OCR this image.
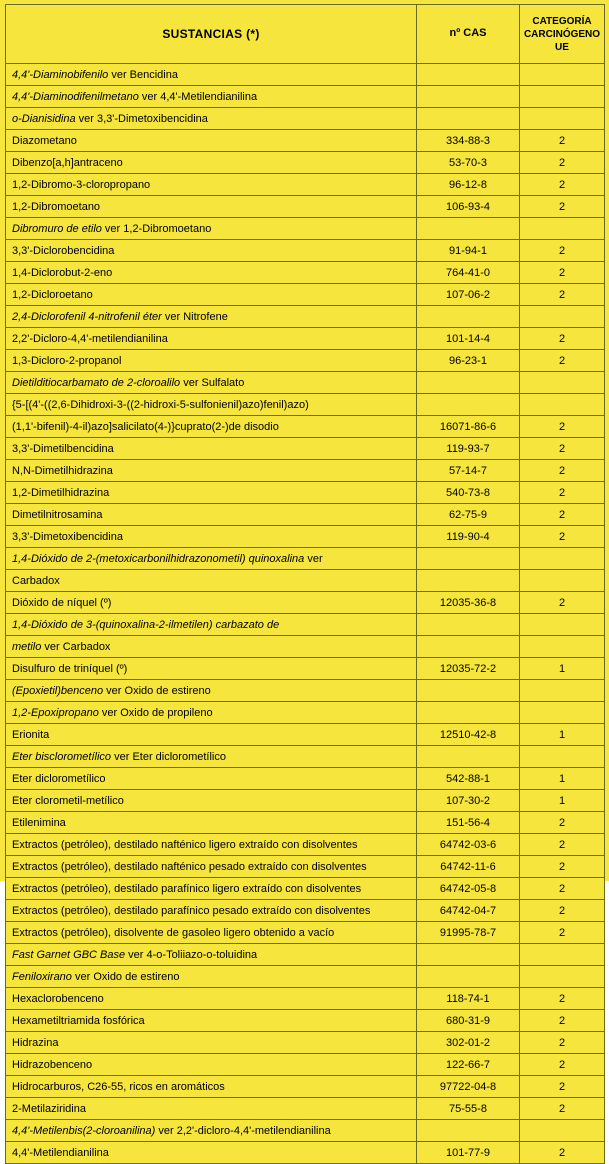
SUSTANCIAS (*)	nº CAS	CATEGORÍA CARCINÓGENO UE
4,4'-Diaminobifenilo ver Bencidina		
4,4'-Diaminodifenilmetano ver 4,4'-Metilendianilina		
o-Dianisidina ver 3,3'-Dimetoxibencidina		
Diazometano	334-88-3	2
Dibenzo[a,h]antraceno	53-70-3	2
1,2-Dibromo-3-cloropropano	96-12-8	2
1,2-Dibromoetano	106-93-4	2
Dibromuro de etilo ver 1,2-Dibromoetano		
3,3'-Diclorobencidina	91-94-1	2
1,4-Diclorobut-2-eno	764-41-0	2
1,2-Dicloroetano	107-06-2	2
2,4-Diclorofenil 4-nitrofenil éter ver Nitrofene		
2,2'-Dicloro-4,4'-metilendianilina	101-14-4	2
1,3-Dicloro-2-propanol	96-23-1	2
Dietilditiocarbamato de 2-cloroalilo ver Sulfalato		
{5-[(4'-((2,6-Dihidroxi-3-((2-hidroxi-5-sulfonienil)azo)fenil)azo)		
(1,1'-bifenil)-4-il)azo]salicilato(4-)}cuprato(2-)de disodio	16071-86-6	2
3,3'-Dimetilbencidina	119-93-7	2
N,N-Dimetilhidrazina	57-14-7	2
1,2-Dimetilhidrazina	540-73-8	2
Dimetilnitrosamina	62-75-9	2
3,3'-Dimetoxibencidina	119-90-4	2
1,4-Dióxido de 2-(metoxicarbonilhidrazonometil) quinoxalina ver		
Carbadox		
Dióxido de níquel (º)	12035-36-8	2
1,4-Dióxido de 3-(quinoxalina-2-ilmetilen) carbazato de		
metilo ver Carbadox		
Disulfuro de triníquel (º)	12035-72-2	1
(Epoxietil)benceno ver Oxido de estireno		
1,2-Epoxipropano ver Oxido de propileno		
Erionita	12510-42-8	1
Eter bisclorometílico ver Eter diclorometílico		
Eter diclorometílico	542-88-1	1
Eter clorometil-metílico	107-30-2	1
Etilenimina	151-56-4	2
Extractos (petróleo), destilado nafténico ligero extraído con disolventes	64742-03-6	2
Extractos (petróleo), destilado nafténico pesado extraído con disolventes	64742-11-6	2
Extractos (petróleo), destilado parafínico ligero extraído con disolventes	64742-05-8	2
Extractos (petróleo), destilado parafínico pesado extraído con disolventes	64742-04-7	2
Extractos (petróleo), disolvente de gasoleo ligero obtenido a vacío	91995-78-7	2
Fast Garnet GBC Base ver 4-o-Toliiazo-o-toluidina		
Feniloxirano ver Oxido de estireno		
Hexaclorobenceno	118-74-1	2
Hexametiltriamida fosfórica	680-31-9	2
Hidrazina	302-01-2	2
Hidrazobenceno	122-66-7	2
Hidrocarburos, C26-55, ricos en aromáticos	97722-04-8	2
2-Metilaziridina	75-55-8	2
4,4'-Metilenbis(2-cloroanilina) ver 2,2'-dicloro-4,4'-metilendianilina		
4,4'-Metilendianilina	101-77-9	2
